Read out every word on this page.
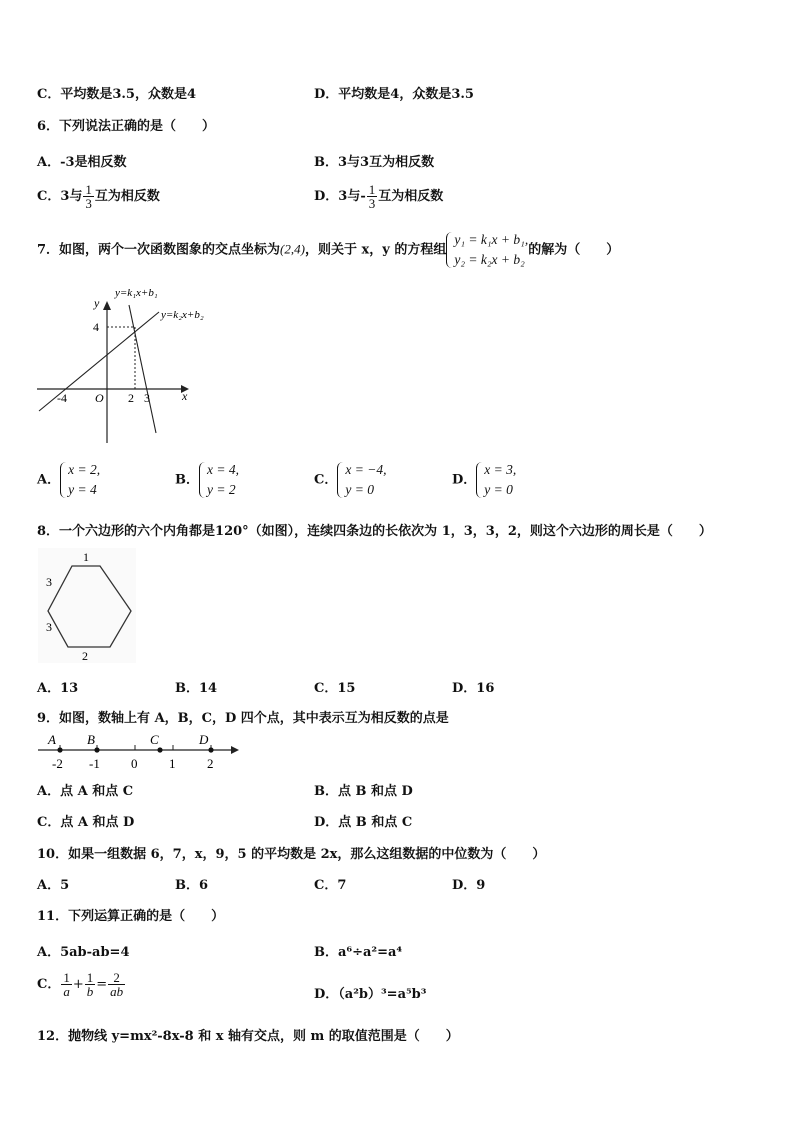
C．平均数是3.5，众数是4	D．平均数是4，众数是3.5
6．下列说法正确的是（　　）
A．-3是相反数	B．3与3互为相反数
C．3与 $\frac{1}{3}$ 互为相反数	D．3与- $\frac{1}{3}$ 互为相反数
7．如图，两个一次函数图象的交点坐标为(2,4)，则关于 x，y 的方程组
y₁ = k₁x + b₁,
y₂ = k₂x + b₂
的解为（　　）
y=k₁x+b₁
y=k₂x+b₂
y
x
4
O
-4	2 3
A．
x = 2,
y = 4
B．
x = 4,
y = 2
C．
x = −4,
y = 0
D．
x = 3,
y = 0
8．一个六边形的六个内角都是120°（如图），连续四条边的长依次为 1，3，3，2，则这个六边形的周长是（　　）
1
3
3
2
A．13	B．14	C．15	D．16
9．如图，数轴上有 A，B，C，D 四个点，其中表示互为相反数的点是
A B	C	D
-2 -1 0 1 2
A．点 A 和点 C	B．点 B 和点 D
C．点 A 和点 D	D．点 B 和点 C
10．如果一组数据 6，7，x，9，5 的平均数是 2x，那么这组数据的中位数为（　　）
A．5	B．6	C．7	D．9
11．下列运算正确的是（　　）
A．5ab-ab=4	B．a⁶÷a²=a⁴
C． $\frac{1}{a} + \frac{1}{b} = \frac{2}{ab}$	D．（a²b）³=a⁵b³
12．抛物线 y=mx²-8x-8 和 x 轴有交点，则 m 的取值范围是（　　）
